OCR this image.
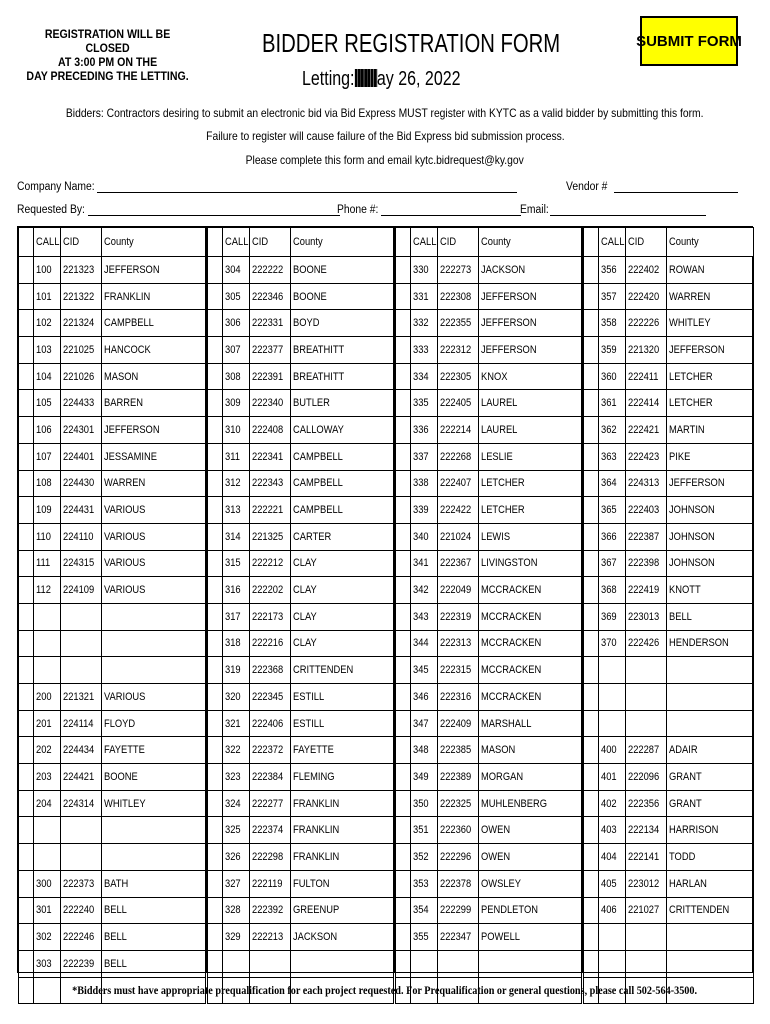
REGISTRATION WILL BE CLOSED
AT 3:00 PM ON THE
DAY PRECEDING THE LETTING.
BIDDER REGISTRATION FORM
Letting: ay 26, 2022
SUBMIT FORM
Bidders: Contractors desiring to submit an electronic bid via Bid Express MUST register with KYTC as a valid bidder by submitting this form.
Failure to register will cause failure of the Bid Express bid submission process.
Please complete this form and email kytc.bidrequest@ky.gov
Company Name:	Vendor #
Requested By:	Phone #:	Email:
	CALL	CID	County
	100	221323	JEFFERSON
	101	221322	FRANKLIN
	102	221324	CAMPBELL
	103	221025	HANCOCK
	104	221026	MASON
	105	224433	BARREN
	106	224301	JEFFERSON
	107	224401	JESSAMINE
	108	224430	WARREN
	109	224431	VARIOUS
	110	224110	VARIOUS
	111	224315	VARIOUS
	112	224109	VARIOUS

	200	221321	VARIOUS
	201	224114	FLOYD
	202	224434	FAYETTE
	203	224421	BOONE
	204	224314	WHITLEY

	300	222373	BATH
	301	222240	BELL
	302	222246	BELL
	303	222239	BELL

	CALL	CID	County
	304	222222	BOONE
	305	222346	BOONE
	306	222331	BOYD
	307	222377	BREATHITT
	308	222391	BREATHITT
	309	222340	BUTLER
	310	222408	CALLOWAY
	311	222341	CAMPBELL
	312	222343	CAMPBELL
	313	222221	CAMPBELL
	314	221325	CARTER
	315	222212	CLAY
	316	222202	CLAY
	317	222173	CLAY
	318	222216	CLAY
	319	222368	CRITTENDEN
	320	222345	ESTILL
	321	222406	ESTILL
	322	222372	FAYETTE
	323	222384	FLEMING
	324	222277	FRANKLIN
	325	222374	FRANKLIN
	326	222298	FRANKLIN
	327	222119	FULTON
	328	222392	GREENUP
	329	222213	JACKSON

	CALL	CID	County
	330	222273	JACKSON
	331	222308	JEFFERSON
	332	222355	JEFFERSON
	333	222312	JEFFERSON
	334	222305	KNOX
	335	222405	LAUREL
	336	222214	LAUREL
	337	222268	LESLIE
	338	222407	LETCHER
	339	222422	LETCHER
	340	221024	LEWIS
	341	222367	LIVINGSTON
	342	222049	MCCRACKEN
	343	222319	MCCRACKEN
	344	222313	MCCRACKEN
	345	222315	MCCRACKEN
	346	222316	MCCRACKEN
	347	222409	MARSHALL
	348	222385	MASON
	349	222389	MORGAN
	350	222325	MUHLENBERG
	351	222360	OWEN
	352	222296	OWEN
	353	222378	OWSLEY
	354	222299	PENDLETON
	355	222347	POWELL

	CALL	CID	County
	356	222402	ROWAN
	357	222420	WARREN
	358	222226	WHITLEY
	359	221320	JEFFERSON
	360	222411	LETCHER
	361	222414	LETCHER
	362	222421	MARTIN
	363	222423	PIKE
	364	224313	JEFFERSON
	365	222403	JOHNSON
	366	222387	JOHNSON
	367	222398	JOHNSON
	368	222419	KNOTT
	369	223013	BELL
	370	222426	HENDERSON

	400	222287	ADAIR
	401	222096	GRANT
	402	222356	GRANT
	403	222134	HARRISON
	404	222141	TODD
	405	223012	HARLAN
	406	221027	CRITTENDEN

*Bidders must have appropriate prequalification for each project requested. For Prequalification or general questions, please call 502-564-3500.
